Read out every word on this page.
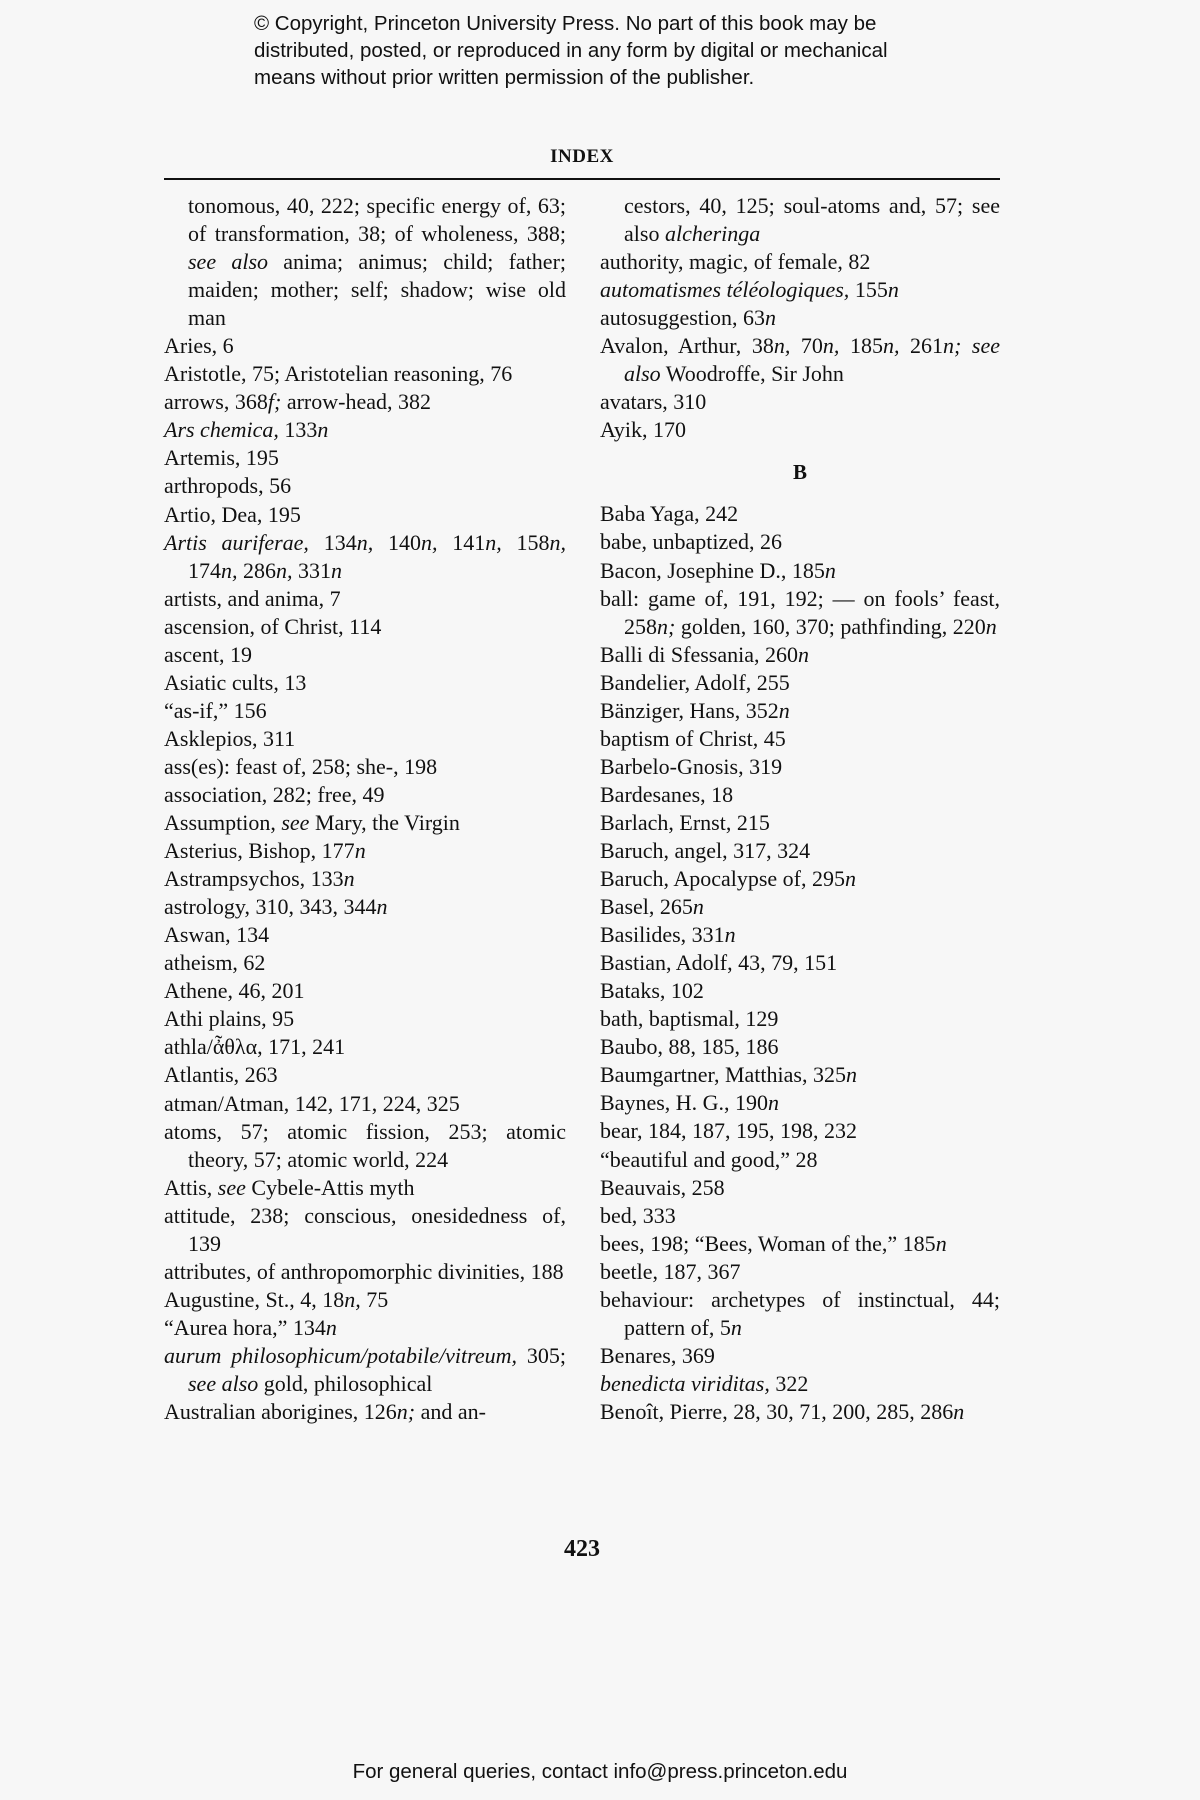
© Copyright, Princeton University Press. No part of this book may be
distributed, posted, or reproduced in any form by digital or mechanical
means without prior written permission of the publisher.
INDEX
tonomous, 40, 222; specific energy of, 63; of transformation, 38; of wholeness, 388; see also anima; animus; child; father; maiden; mother; self; shadow; wise old man
Aries, 6
Aristotle, 75; Aristotelian reasoning, 76
arrows, 368f; arrow-head, 382
Ars chemica, 133n
Artemis, 195
arthropods, 56
Artio, Dea, 195
Artis auriferae, 134n, 140n, 141n, 158n, 174n, 286n, 331n
artists, and anima, 7
ascension, of Christ, 114
ascent, 19
Asiatic cults, 13
“as-if,” 156
Asklepios, 311
ass(es): feast of, 258; she-, 198
association, 282; free, 49
Assumption, see Mary, the Virgin
Asterius, Bishop, 177n
Astrampsychos, 133n
astrology, 310, 343, 344n
Aswan, 134
atheism, 62
Athene, 46, 201
Athi plains, 95
athla/ἆθλα, 171, 241
Atlantis, 263
atman/Atman, 142, 171, 224, 325
atoms, 57; atomic fission, 253; atomic theory, 57; atomic world, 224
Attis, see Cybele-Attis myth
attitude, 238; conscious, onesidedness of, 139
attributes, of anthropomorphic divinities, 188
Augustine, St., 4, 18n, 75
“Aurea hora,” 134n
aurum philosophicum/potabile/vitreum, 305; see also gold, philosophical
Australian aborigines, 126n; and an-
cestors, 40, 125; soul-atoms and, 57; see also alcheringa
authority, magic, of female, 82
automatismes téléologiques, 155n
autosuggestion, 63n
Avalon, Arthur, 38n, 70n, 185n, 261n; see also Woodroffe, Sir John
avatars, 310
Ayik, 170
B
Baba Yaga, 242
babe, unbaptized, 26
Bacon, Josephine D., 185n
ball: game of, 191, 192; — on fools’ feast, 258n; golden, 160, 370; pathfinding, 220n
Balli di Sfessania, 260n
Bandelier, Adolf, 255
Bänziger, Hans, 352n
baptism of Christ, 45
Barbelo-Gnosis, 319
Bardesanes, 18
Barlach, Ernst, 215
Baruch, angel, 317, 324
Baruch, Apocalypse of, 295n
Basel, 265n
Basilides, 331n
Bastian, Adolf, 43, 79, 151
Bataks, 102
bath, baptismal, 129
Baubo, 88, 185, 186
Baumgartner, Matthias, 325n
Baynes, H. G., 190n
bear, 184, 187, 195, 198, 232
“beautiful and good,” 28
Beauvais, 258
bed, 333
bees, 198; “Bees, Woman of the,” 185n
beetle, 187, 367
behaviour: archetypes of instinctual, 44; pattern of, 5n
Benares, 369
benedicta viriditas, 322
Benoît, Pierre, 28, 30, 71, 200, 285, 286n
423
For general queries, contact info@press.princeton.edu
